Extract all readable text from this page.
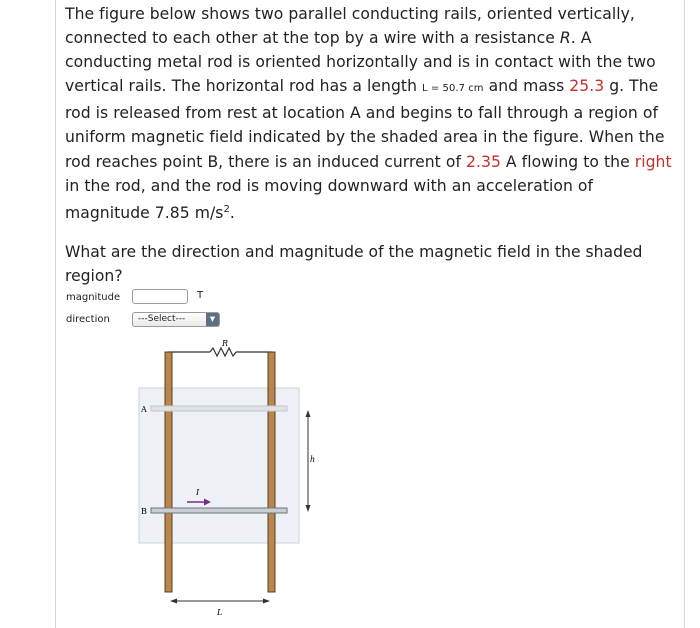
The figure below shows two parallel conducting rails, oriented vertically, connected to each other at the top by a wire with a resistance R. A conducting metal rod is oriented horizontally and is in contact with the two vertical rails. The horizontal rod has a length L = 50.7 cm and mass 25.3 g. The rod is released from rest at location A and begins to fall through a region of uniform magnetic field indicated by the shaded area in the figure. When the rod reaches point B, there is an induced current of 2.35 A flowing to the right in the rod, and the rod is moving downward with an acceleration of magnitude 7.85 $m/s^2$.
What are the direction and magnitude of the magnetic field in the shaded region?
magnitude	T
direction	---Select---	▼
R
A
B
I
h
L
